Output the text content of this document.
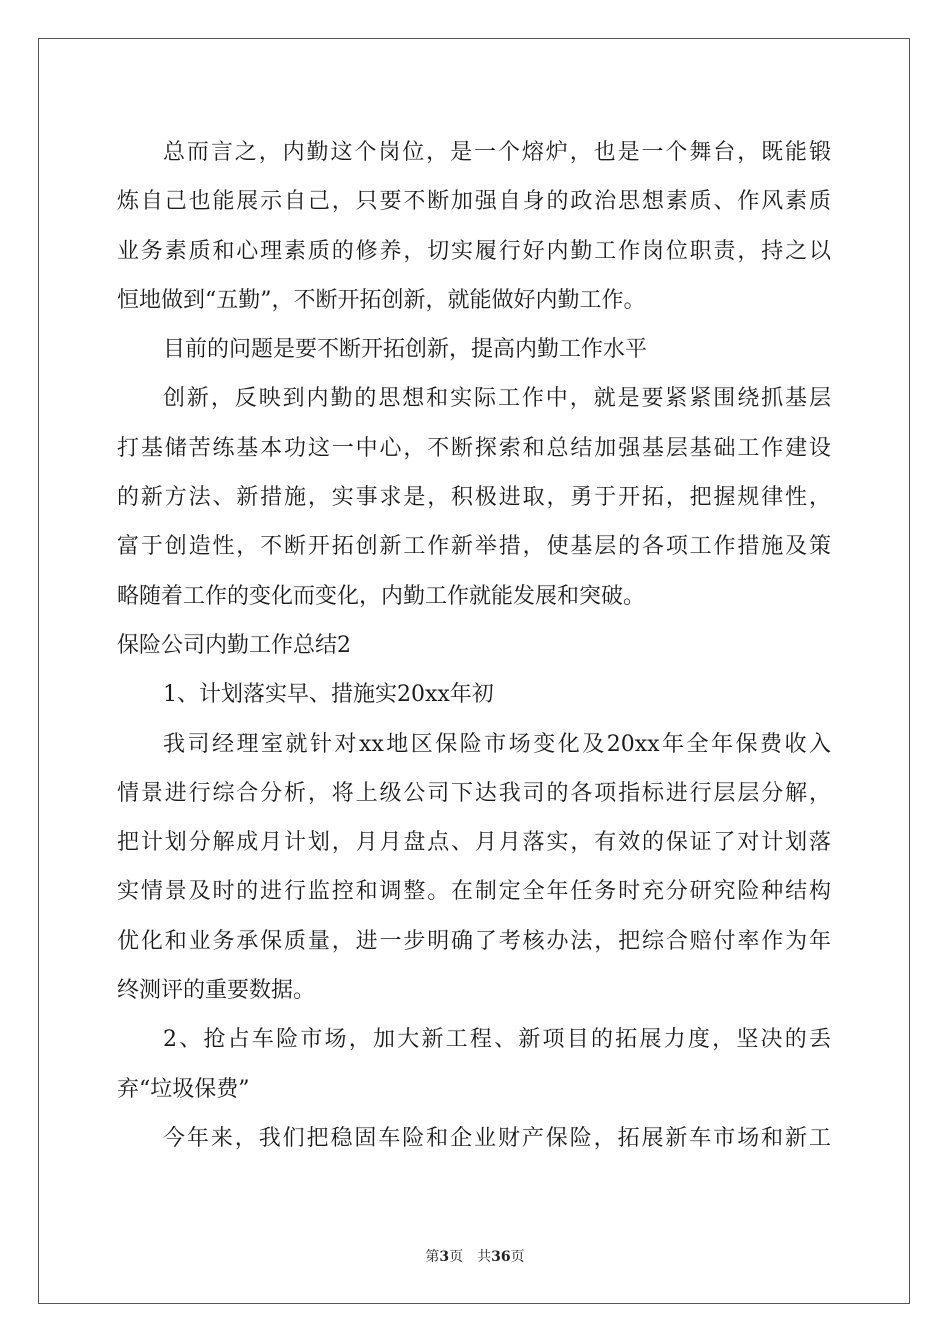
总而言之，内勤这个岗位，是一个熔炉，也是一个舞台，既能锻
炼自己也能展示自己，只要不断加强自身的政治思想素质、作风素质
业务素质和心理素质的修养，切实履行好内勤工作岗位职责，持之以
恒地做到“五勤”，不断开拓创新，就能做好内勤工作。
目前的问题是要不断开拓创新，提高内勤工作水平
创新，反映到内勤的思想和实际工作中，就是要紧紧围绕抓基层
打基储苦练基本功这一中心，不断探索和总结加强基层基础工作建设
的新方法、新措施，实事求是，积极进取，勇于开拓，把握规律性，
富于创造性，不断开拓创新工作新举措，使基层的各项工作措施及策
略随着工作的变化而变化，内勤工作就能发展和突破。
保险公司内勤工作总结2
1、计划落实早、措施实20xx年初
我司经理室就针对xx地区保险市场变化及20xx年全年保费收入
情景进行综合分析，将上级公司下达我司的各项指标进行层层分解，
把计划分解成月计划，月月盘点、月月落实，有效的保证了对计划落
实情景及时的进行监控和调整。在制定全年任务时充分研究险种结构
优化和业务承保质量，进一步明确了考核办法，把综合赔付率作为年
终测评的重要数据。
2、抢占车险市场，加大新工程、新项目的拓展力度，坚决的丢
弃“垃圾保费”
今年来，我们把稳固车险和企业财产保险，拓展新车市场和新工
第3页 共36页
